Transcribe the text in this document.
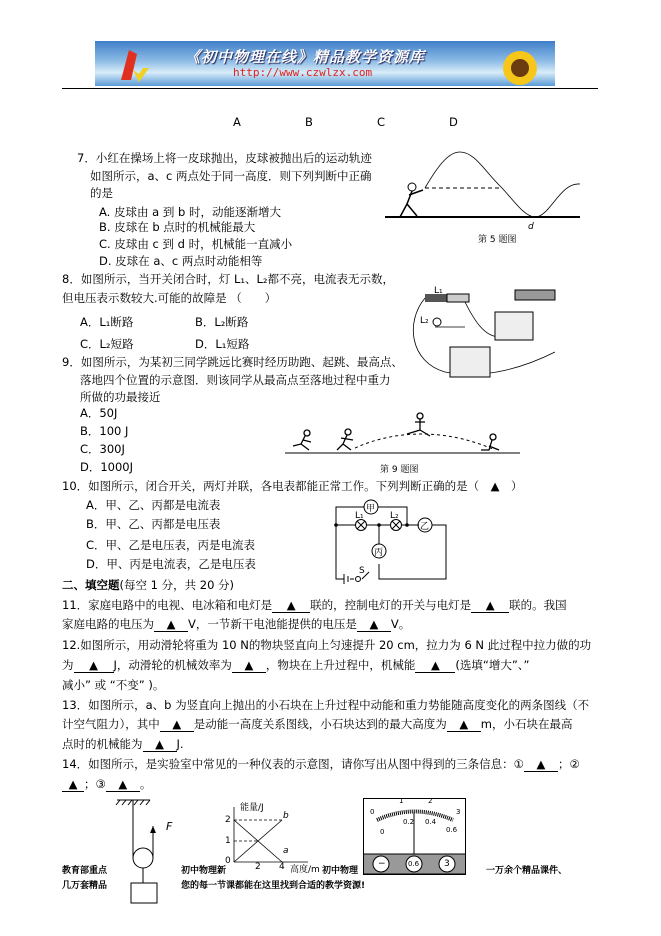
《初中物理在线》精品教学资源库
http://www.czwlzx.com
A	B	C	D
7．小红在操场上将一皮球抛出，皮球被抛出后的运动轨迹
如图所示，a、c 两点处于同一高度．则下列判断中正确
的是
A. 皮球由 a 到 b 时，动能逐渐增大
B. 皮球在 b 点时的机械能最大
C. 皮球由 c 到 d 时，机械能一直减小
D. 皮球在 a、c 两点时动能相等
d
第 5 题图
8．如图所示，当开关闭合时，灯 L₁、L₂都不亮，电流表无示数，
但电压表示数较大.可能的故障是 （　　）
A．L₁断路	B．L₂断路
C．L₂短路	D．L₁短路
L₁
L₂
9．如图所示，为某初三同学跳远比赛时经历助跑、起跳、最高点、
落地四个位置的示意图．则该同学从最高点至落地过程中重力
所做的功最接近
A．50J
B．100 J
C．300J
D．1000J	第 9 题图
10．如图所示，闭合开关，两灯并联，各电表都能正常工作。下列判断正确的是（　▲　）
A．甲、乙、丙都是电流表
B．甲、乙、丙都是电压表
C．甲、乙是电压表，丙是电流表
D．甲、丙是电流表，乙是电压表
甲
乙
丙
L₁	L₂
S
二、填空题(每空 1 分，共 20 分)
11．家庭电路中的电视、电冰箱和电灯是 ▲ 联的，控制电灯的开关与电灯是 ▲ 联的。我国
家庭电路的电压为 ▲ V，一节新干电池能提供的电压是 ▲ V。
12.如图所示，用动滑轮将重为 10 N的物块竖直向上匀速提升 20 cm，拉力为 6 N 此过程中拉力做的功
为 ▲ J，动滑轮的机械效率为 ▲ ，物块在上升过程中，机械能 ▲ (选填“增大”、”
减小” 或 “不变” )。
13．如图所示，a、b 为竖直向上抛出的小石块在上升过程中动能和重力势能随高度变化的两条图线（不
计空气阻力），其中 ▲ 是动能一高度关系图线，小石块达到的最大高度为 ▲ m，小石块在最高
点时的机械能为 ▲ J.
14．如图所示，是实验室中常见的一种仪表的示意图，请你写出从图中得到的三条信息：① ▲ ；②
▲ ；③ ▲ 。
F
能量/J
2
1
0
2 4 高度/m
a
b	0
1	2
3
0
0.2 0.4
0.6
−	0.6	3
教育部重点
几万套精品
初中物理新
您的每一节课都能在这里找到合适的教学资源!
初中物理	一万余个精品课件、
